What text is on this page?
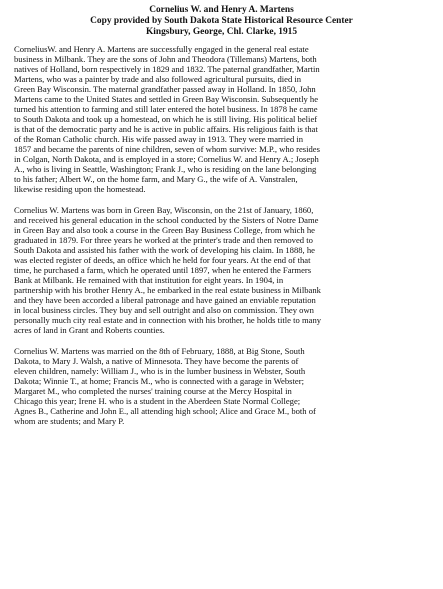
Cornelius W. and Henry A. Martens
Copy provided by South Dakota State Historical Resource Center
Kingsbury, George, Chl. Clarke, 1915
CorneliusW. and Henry A. Martens are successfully engaged in the general real estate
business in Milbank. They are the sons of John and Theodora (Tillemans) Martens, both
natives of Holland, born respectively in 1829 and 1832. The paternal grandfather, Martin
Martens, who was a painter by trade and also followed agricultural pursuits, died in
Green Bay Wisconsin. The maternal grandfather passed away in Holland. In 1850, John
Martens came to the United States and settled in Green Bay Wisconsin. Subsequently he
turned his attention to farming and still later entered the hotel business. In 1878 he came
to South Dakota and took up a homestead, on which he is still living. His political belief
is that of the democratic party and he is active in public affairs. His religious faith is that
of the Roman Catholic church. His wife passed away in 1913. They were married in
1857 and became the parents of nine children, seven of whom survive: M.P., who resides
in Colgan, North Dakota, and is employed in a store; Cornelius W. and Henry A.; Joseph
A., who is living in Seattle, Washington; Frank J., who is residing on the lane belonging
to his father; Albert W., on the home farm, and Mary G., the wife of A. Vanstralen,
likewise residing upon the homestead.
Cornelius W. Martens was born in Green Bay, Wisconsin, on the 21st of January, 1860,
and received his general education in the school conducted by the Sisters of Notre Dame
in Green Bay and also took a course in the Green Bay Business College, from which he
graduated in 1879. For three years he worked at the printer's trade and then removed to
South Dakota and assisted his father with the work of developing his claim. In 1888, he
was elected register of deeds, an office which he held for four years. At the end of that
time, he purchased a farm, which he operated until 1897, when he entered the Farmers
Bank at Milbank. He remained with that institution for eight years. In 1904, in
partnership with his brother Henry A., he embarked in the real estate business in Milbank
and they have been accorded a liberal patronage and have gained an enviable reputation
in local business circles. They buy and sell outright and also on commission. They own
personally much city real estate and in connection with his brother, he holds title to many
acres of land in Grant and Roberts counties.
Cornelius W. Martens was married on the 8th of February, 1888, at Big Stone, South
Dakota, to Mary J. Walsh, a native of Minnesota. They have become the parents of
eleven children, namely: William J., who is in the lumber business in Webster, South
Dakota; Winnie T., at home; Francis M., who is connected with a garage in Webster;
Margaret M., who completed the nurses' training course at the Mercy Hospital in
Chicago this year; Irene H. who is a student in the Aberdeen State Normal College;
Agnes B., Catherine and John E., all attending high school; Alice and Grace M., both of
whom are students; and Mary P.
